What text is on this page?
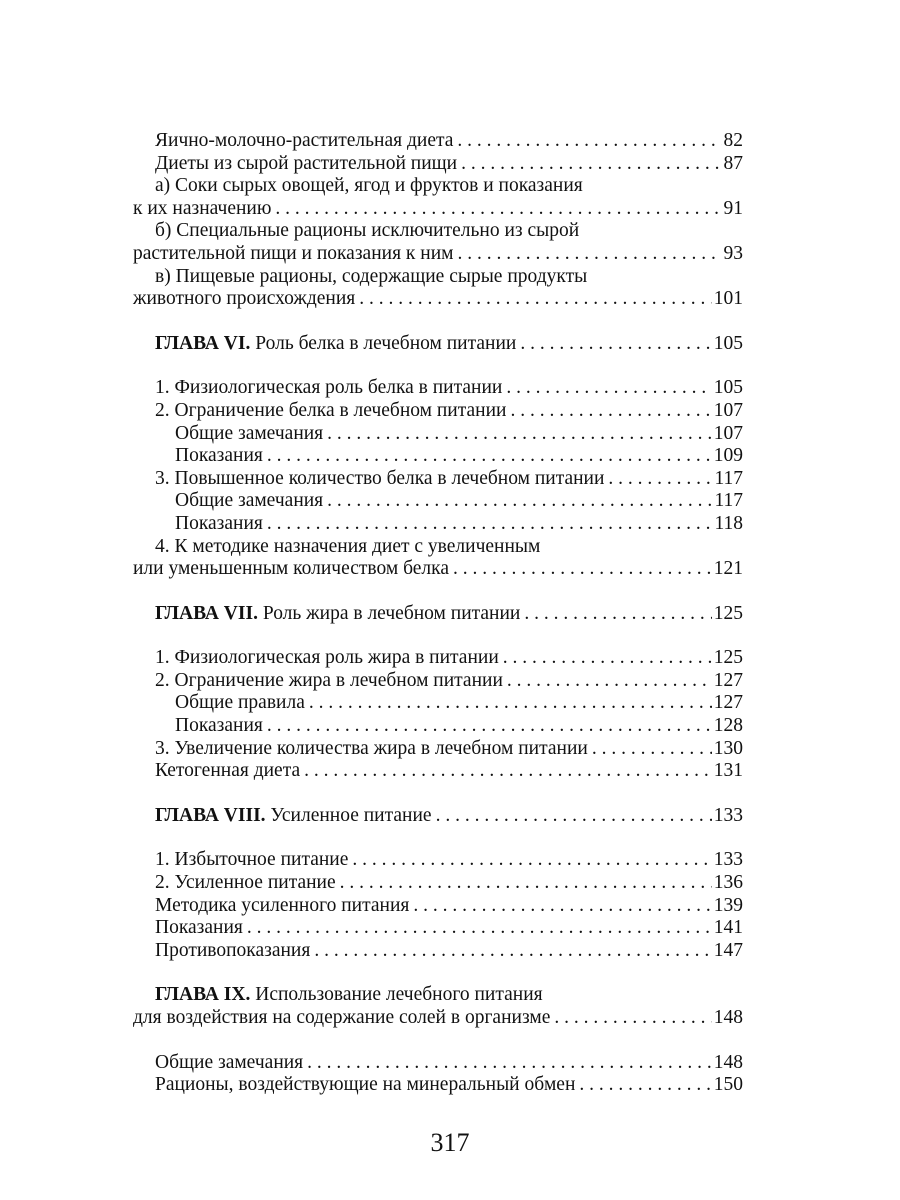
Яично-молочно-растительная диета . . .	82
Диеты из сырой растительной пищи . . .	87
а) Соки сырых овощей, ягод и фруктов и показания
к их назначению . . .	91
б) Специальные рационы исключительно из сырой
растительной пищи и показания к ним . . .	93
в) Пищевые рационы, содержащие сырые продукты
животного происхождения . . .	101
ГЛАВА VI. Роль белка в лечебном питании . . .	105
1. Физиологическая роль белка в питании . . .	105
2. Ограничение белка в лечебном питании . . .	107
Общие замечания . . .	107
Показания . . .	109
3. Повышенное количество белка в лечебном питании . . .	117
Общие замечания . . .	117
Показания . . .	118
4. К методике назначения диет с увеличенным
или уменьшенным количеством белка . . .	121
ГЛАВА VII. Роль жира в лечебном питании . . .	125
1. Физиологическая роль жира в питании . . .	125
2. Ограничение жира в лечебном питании . . .	127
Общие правила . . .	127
Показания . . .	128
3. Увеличение количества жира в лечебном питании . . .	130
Кетогенная диета . . .	131
ГЛАВА VIII. Усиленное питание . . .	133
1. Избыточное питание . . .	133
2. Усиленное питание . . .	136
Методика усиленного питания . . .	139
Показания . . .	141
Противопоказания . . .	147
ГЛАВА IX. Использование лечебного питания
для воздействия на содержание солей в организме . . .	148
Общие замечания . . .	148
Рационы, воздействующие на минеральный обмен . . .	150
317
